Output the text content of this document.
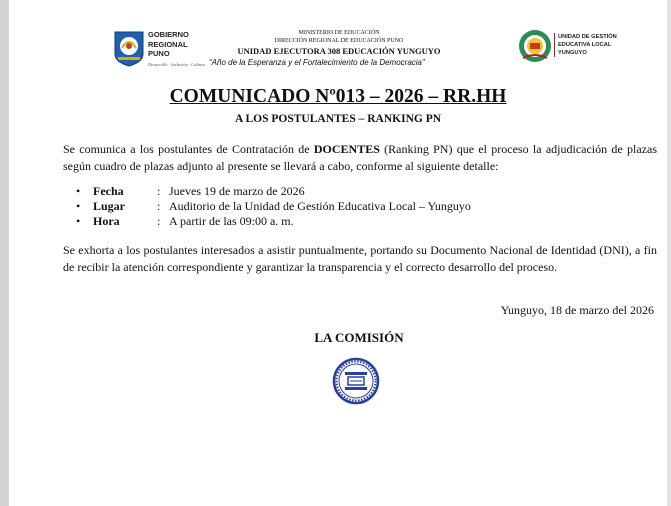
GOBIERNO
REGIONAL
PUNO
Desarrollo · Inclusión · Cultura
MINISTERIO DE EDUCACIÓN
DIRECCIÓN REGIONAL DE EDUCACIÓN PUNO
UNIDAD EJECUTORA 308 EDUCACIÓN YUNGUYO
“Año de la Esperanza y el Fortalecimiento de la Democracia”
UNIDAD DE GESTIÓN
EDUCATIVA LOCAL
YUNGUYO
COMUNICADO Nº013 – 2026 – RR.HH
A LOS POSTULANTES – RANKING PN
Se comunica a los postulantes de Contratación de DOCENTES (Ranking PN) que el proceso la adjudicación de plazas según cuadro de plazas adjunto al presente se llevará a cabo, conforme al siguiente detalle:
• Fecha	: Jueves 19 de marzo de 2026
• Lugar	: Auditorio de la Unidad de Gestión Educativa Local – Yunguyo
• Hora	: A partir de las 09:00 a. m.
Se exhorta a los postulantes interesados a asistir puntualmente, portando su Documento Nacional de Identidad (DNI), a fin de recibir la atención correspondiente y garantizar la transparencia y el correcto desarrollo del proceso.
Yunguyo, 18 de marzo del 2026
LA COMISIÓN
